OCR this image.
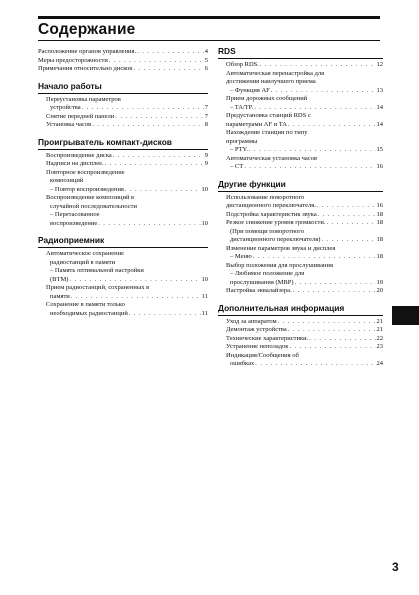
Содержание
Расположение органов управления. . . .	4
Меры предосторожности . . .	5
Примечания относительно дисков . . .	6
Начало работы
Переустановка параметров
устройства . . .	7
Снятие передней панели . . .	7
Установка часов . . .	8
Проигрыватель компакт-дисков
Воспроизведение диска . . .	9
Надписи на дисплее. . . .	9
Повторное воспроизведение
композиций
– Повтор воспроизведения . . .	10
Воспроизведение композиций в
случайной последовательности
– Перетасованное
воспроизведение . . .	10
Радиоприемник
Автоматическое сохранение
радиостанций в памяти
– Память оптимальной настройки
(BTM) . . .	10
Прием радиостанций, сохраненных в
памяти . . .	11
Сохранение в памяти только
необходимых радиостанций . . .	11
RDS
Обзор RDS. . . .	12
Автоматическая перенастройка для
достижения наилучшего приема
– Функция AF . . .	13
Прием дорожных сообщений
– TA/TP. . . .	14
Предустановка станций RDS с
параметрами AF и TA . . .	14
Нахождение станции по типу
программы
– PTY. . . .	15
Автоматическая установка часов
– CT . . .	16
Другие функции
Использование поворотного
дистанционного переключателя. . . .	16
Подстройка характеристик звука . . .	18
Резкое снижение уровня громкости. . . .	18
(При помощи поворотного
дистанционного переключателя) . . .	18
Изменение параметров звука и дисплея
– Меню . . .	18
Выбор положения для прослушивания
– Любимое положение для
прослушивания (MBP) . . .	19
Настройка эквалайзера. . . .	20
Дополнительная информация
Уход за аппаратом . . .	21
Демонтаж устройства . . .	21
Технические характеристики. . . .	22
Устранение неполадок . . .	23
Индикация/Сообщения об
ошибках . . .	24
3
